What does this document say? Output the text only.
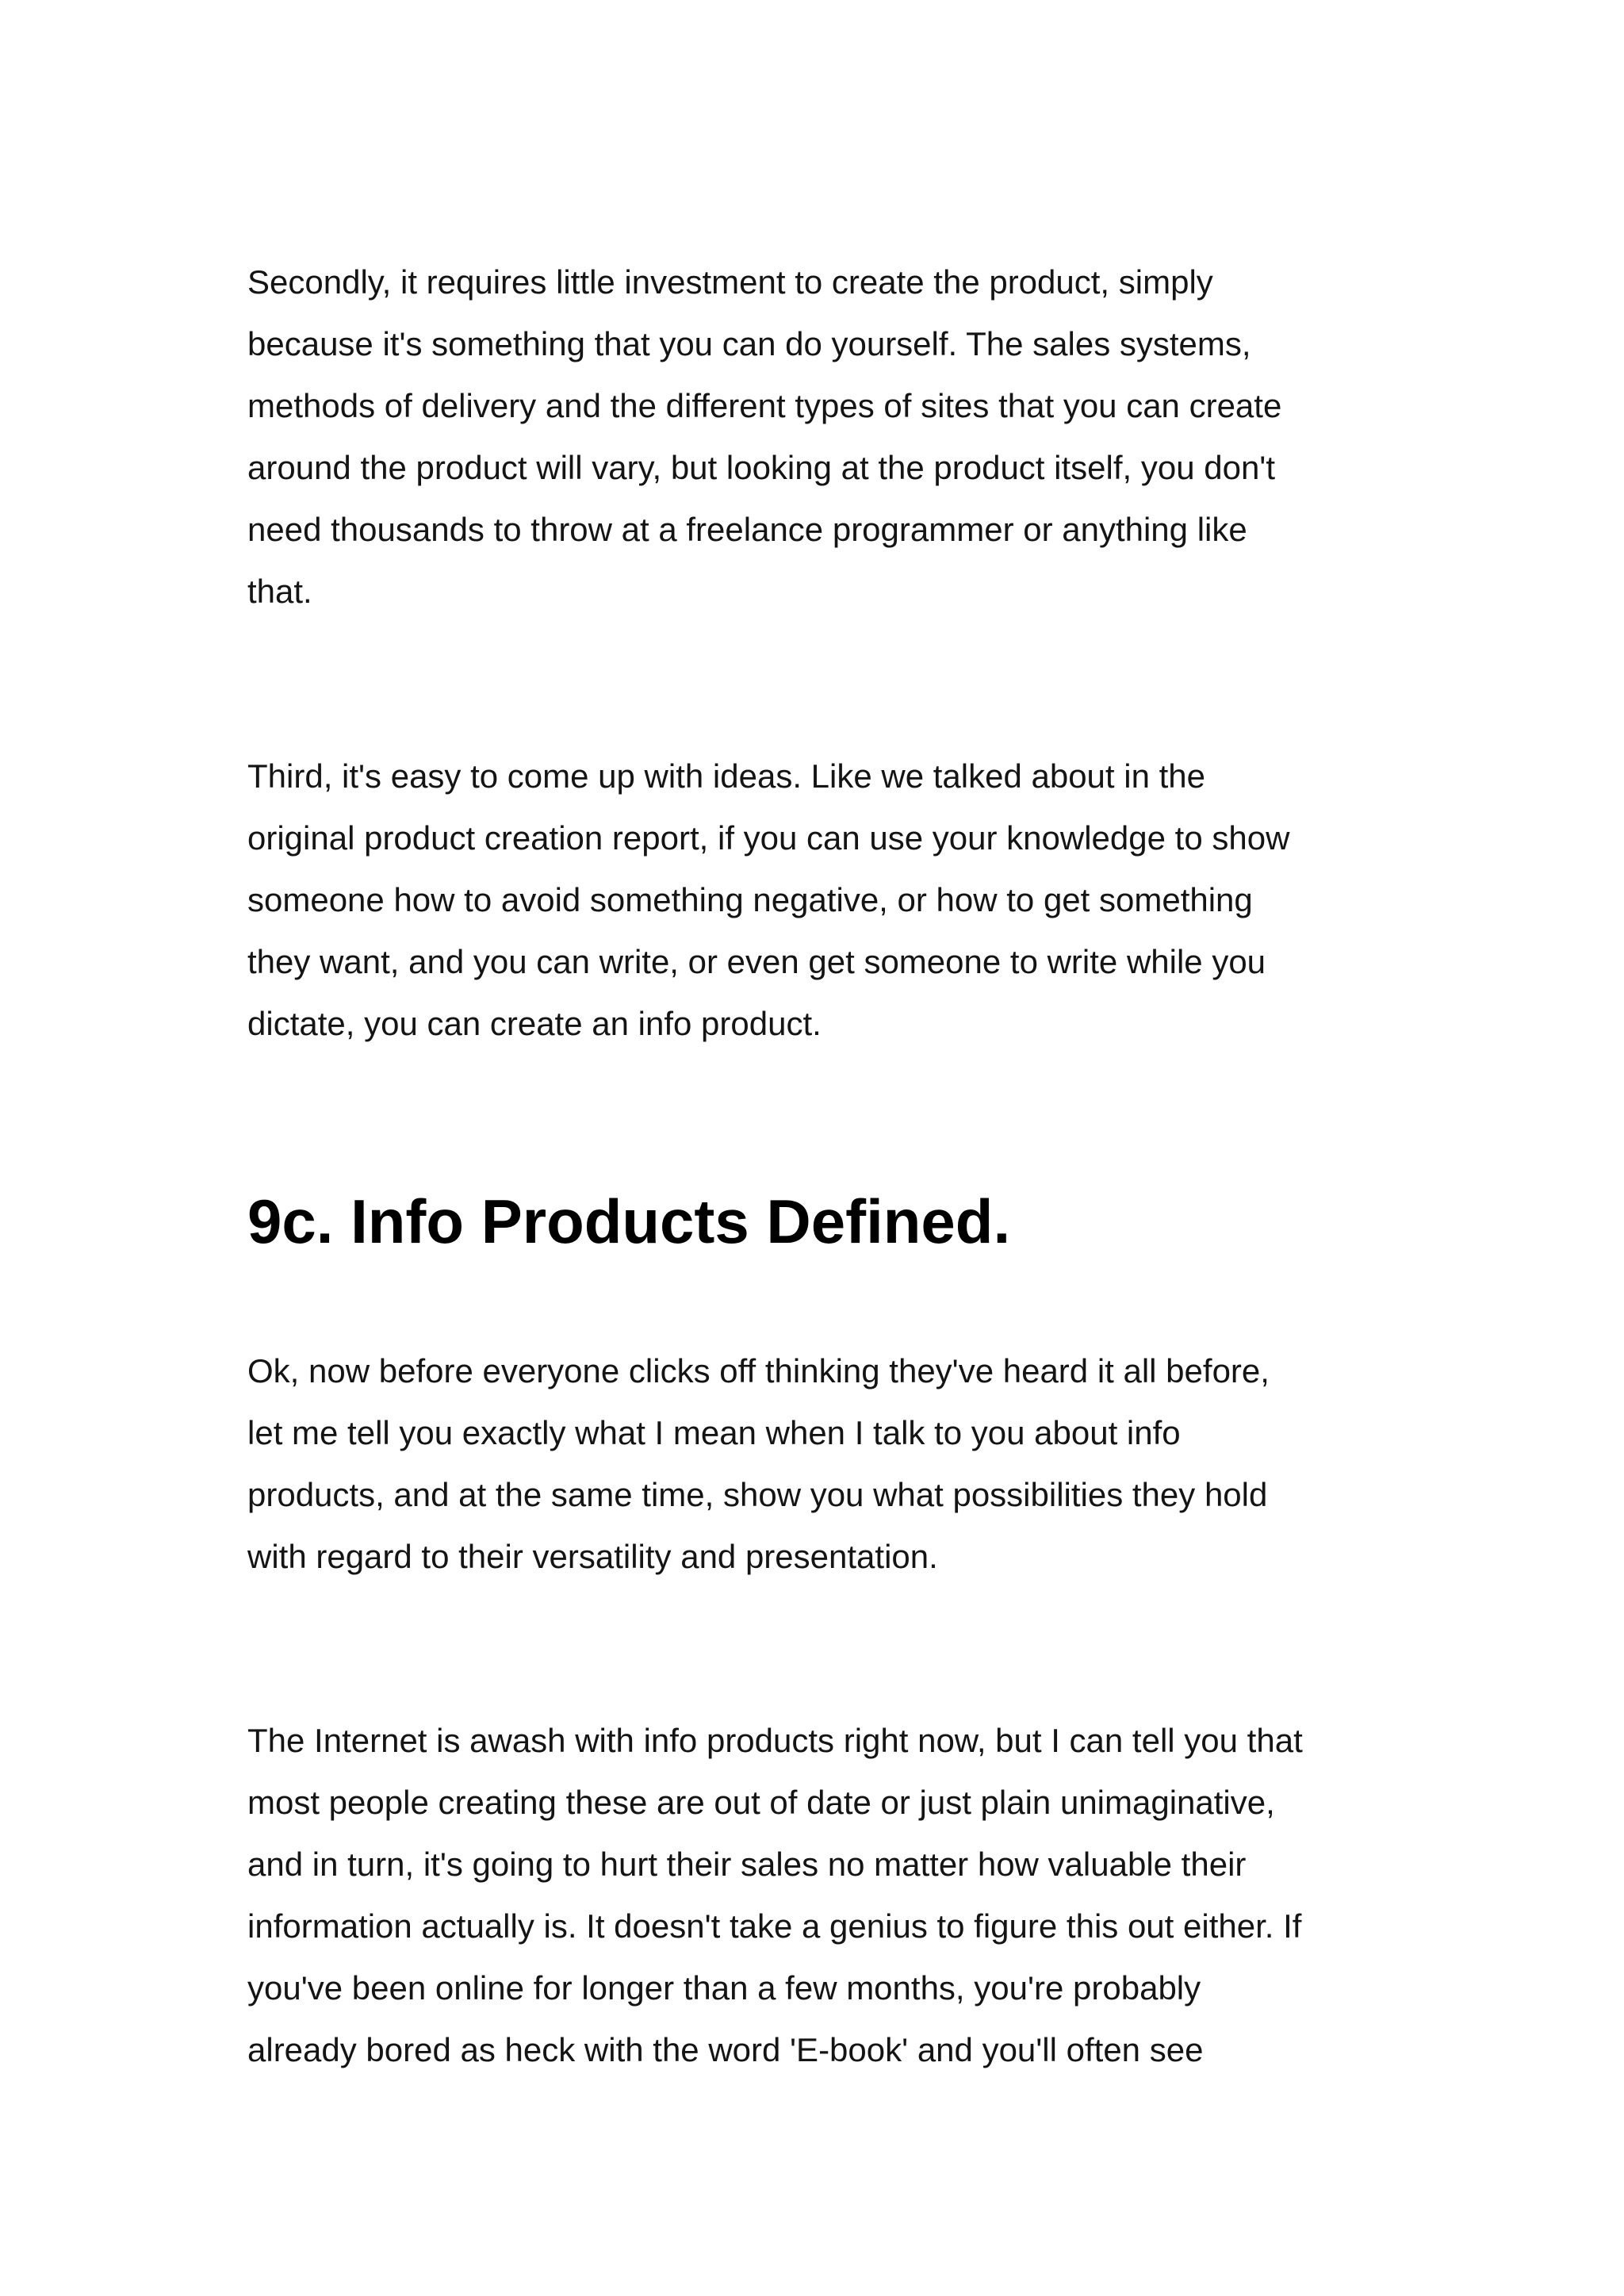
Secondly, it requires little investment to create the product, simply
because it's something that you can do yourself. The sales systems,
methods of delivery and the different types of sites that you can create
around the product will vary, but looking at the product itself, you don't
need thousands to throw at a freelance programmer or anything like
that.

Third, it's easy to come up with ideas. Like we talked about in the
original product creation report, if you can use your knowledge to show
someone how to avoid something negative, or how to get something
they want, and you can write, or even get someone to write while you
dictate, you can create an info product.

9c. Info Products Defined.

Ok, now before everyone clicks off thinking they've heard it all before,
let me tell you exactly what I mean when I talk to you about info
products, and at the same time, show you what possibilities they hold
with regard to their versatility and presentation.

The Internet is awash with info products right now, but I can tell you that
most people creating these are out of date or just plain unimaginative,
and in turn, it's going to hurt their sales no matter how valuable their
information actually is. It doesn't take a genius to figure this out either. If
you've been online for longer than a few months, you're probably
already bored as heck with the word 'E-book' and you'll often see
